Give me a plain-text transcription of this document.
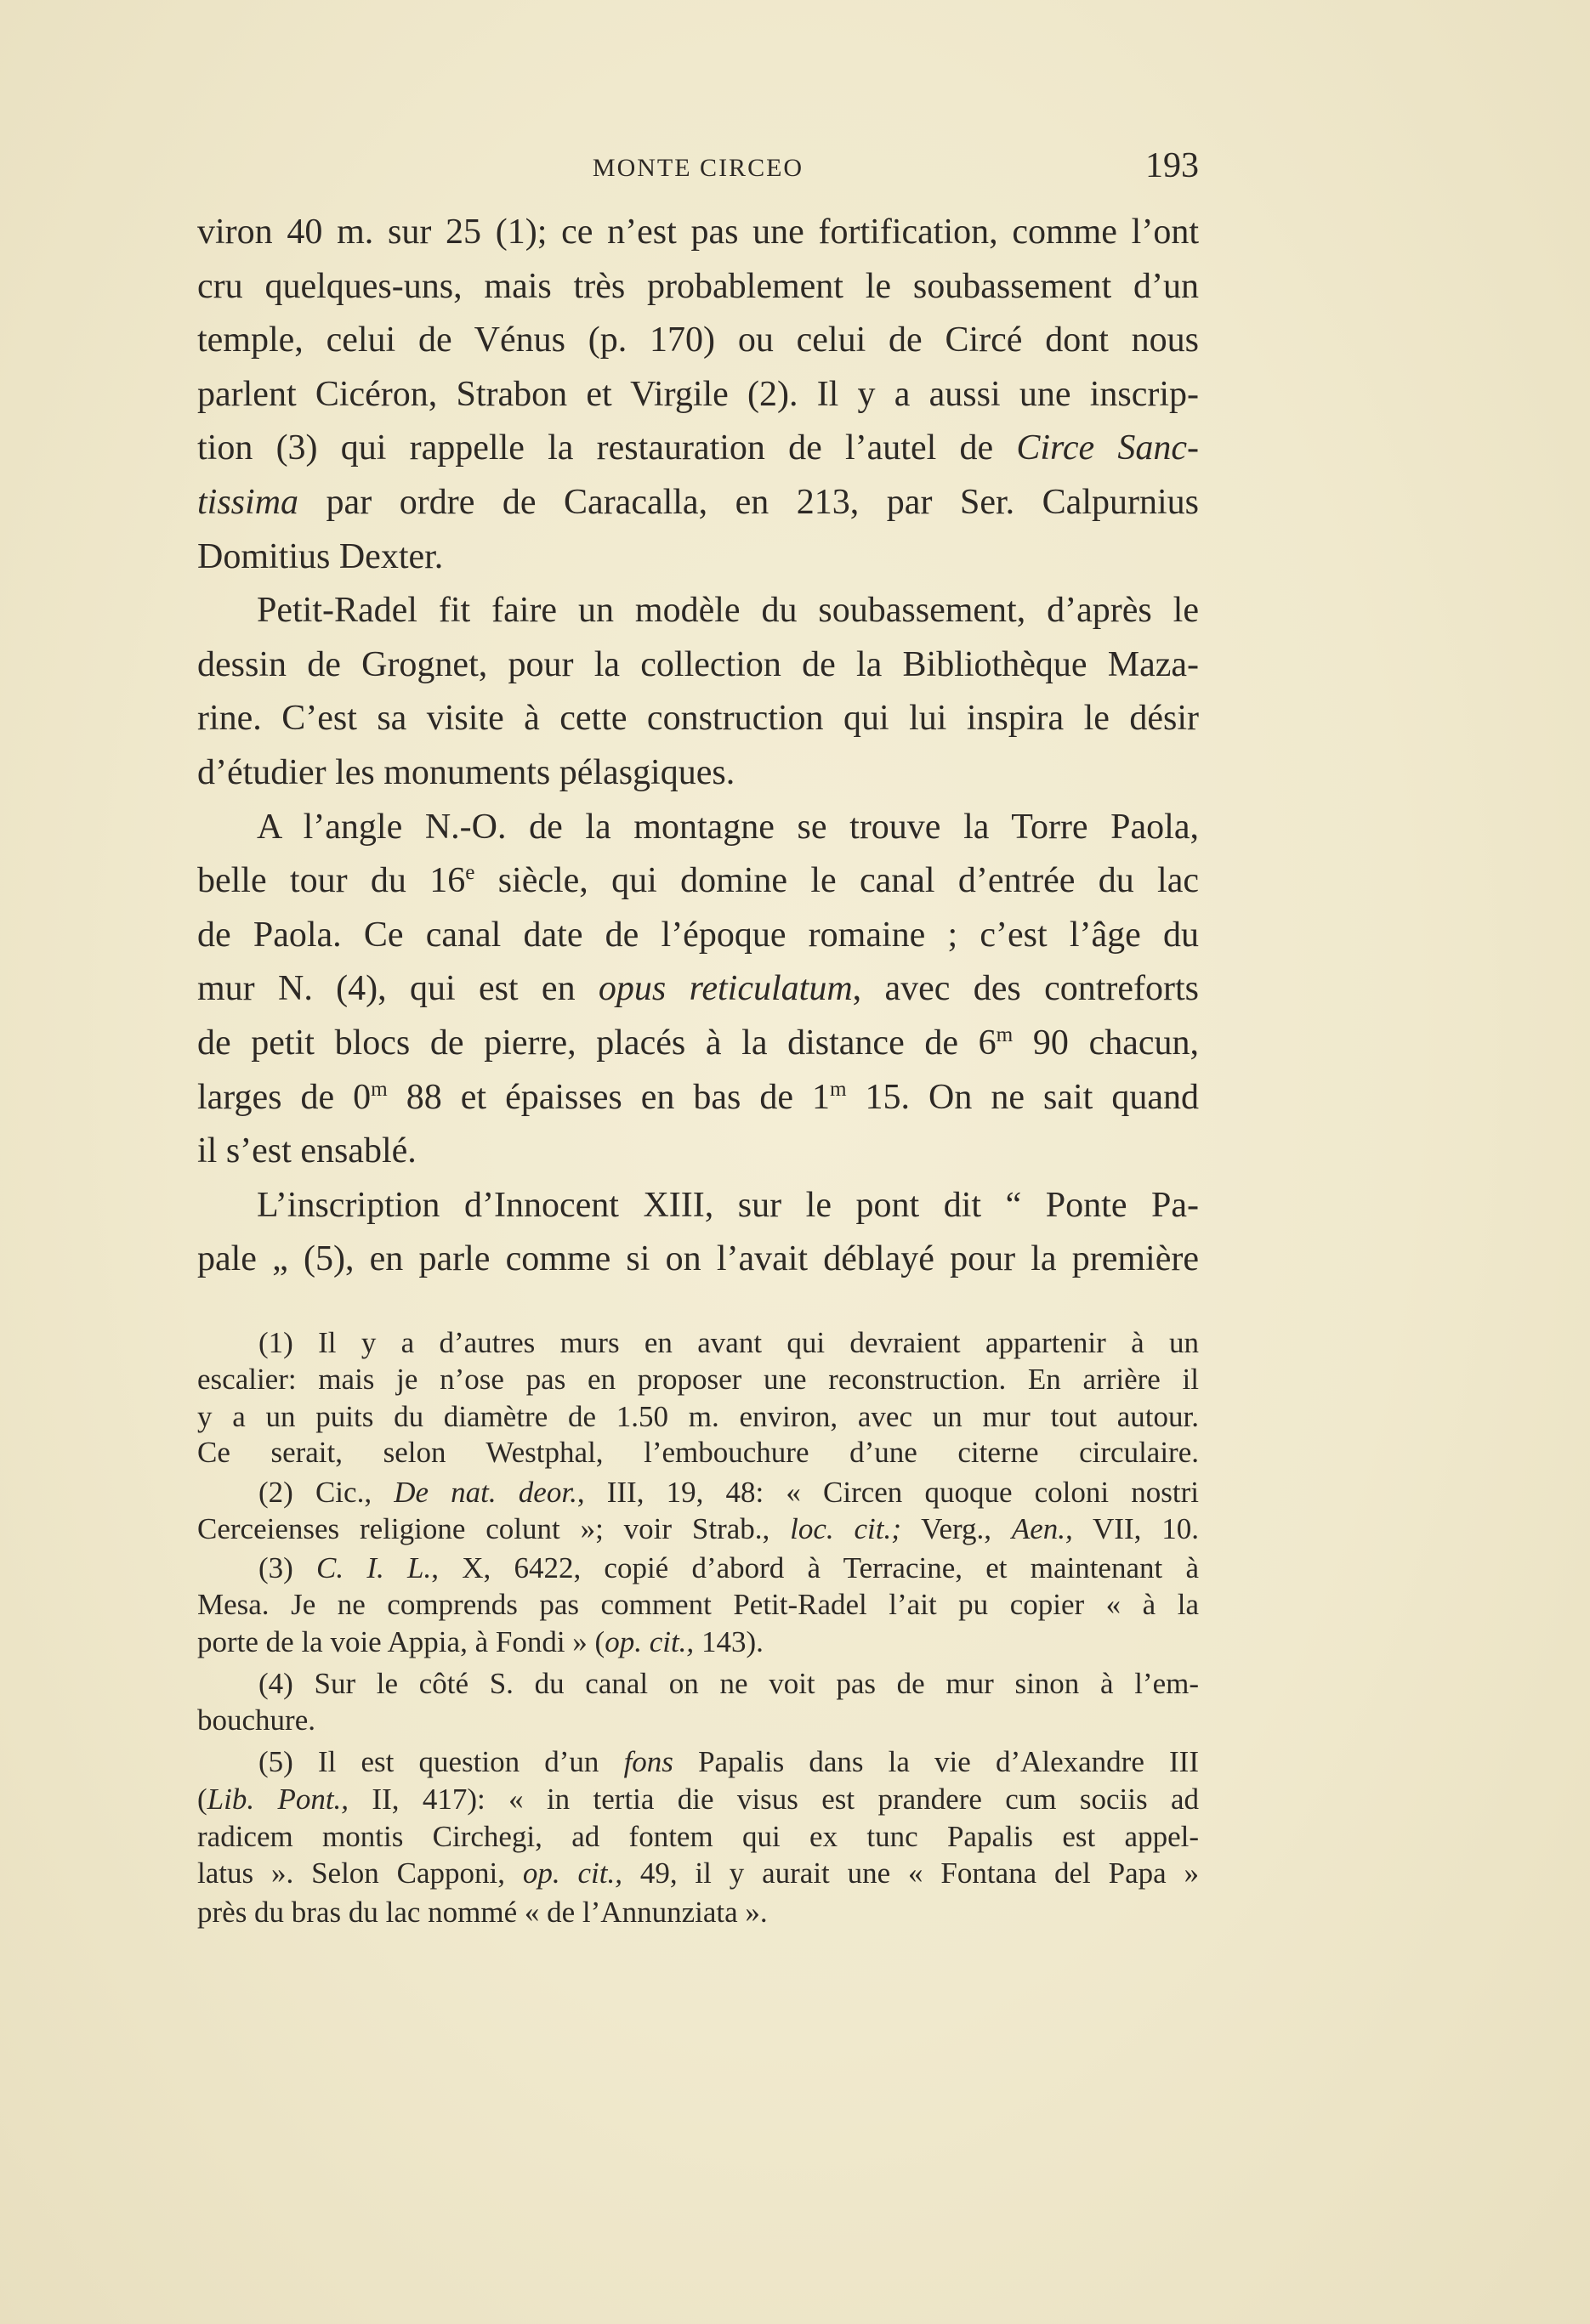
MONTE CIRCEO	193
viron 40 m. sur 25 (1); ce n’est pas une fortification, comme l’ont
cru quelques-uns, mais très probablement le soubassement d’un
temple, celui de Vénus (p. 170) ou celui de Circé dont nous
parlent Cicéron, Strabon et Virgile (2). Il y a aussi une inscrip-
tion (3) qui rappelle la restauration de l’autel de Circe Sanc-
tissima par ordre de Caracalla, en 213, par Ser. Calpurnius
Domitius Dexter.
Petit-Radel fit faire un modèle du soubassement, d’après le
dessin de Grognet, pour la collection de la Bibliothèque Maza-
rine. C’est sa visite à cette construction qui lui inspira le désir
d’étudier les monuments pélasgiques.
A l’angle N.-O. de la montagne se trouve la Torre Paola,
belle tour du 16e siècle, qui domine le canal d’entrée du lac
de Paola. Ce canal date de l’époque romaine ; c’est l’âge du
mur N. (4), qui est en opus reticulatum, avec des contreforts
de petit blocs de pierre, placés à la distance de 6$^m$ 90 chacun,
larges de 0$^m$ 88 et épaisses en bas de 1$^m$ 15. On ne sait quand
il s’est ensablé.
L’inscription d’Innocent XIII, sur le pont dit “ Ponte Pa-
pale „ (5), en parle comme si on l’avait déblayé pour la première
(1) Il y a d’autres murs en avant qui devraient appartenir à un
escalier: mais je n’ose pas en proposer une reconstruction. En arrière il
y a un puits du diamètre de 1.50 m. environ, avec un mur tout autour.
Ce serait, selon Westphal, l’embouchure d’une citerne circulaire.
(2) Cic., De nat. deor., III, 19, 48: « Circen quoque coloni nostri
Cerceienses religione colunt »; voir Strab., loc. cit.; Verg., Aen., VII, 10.
(3) C. I. L., X, 6422, copié d’abord à Terracine, et maintenant à
Mesa. Je ne comprends pas comment Petit-Radel l’ait pu copier « à la
porte de la voie Appia, à Fondi » (op. cit., 143).
(4) Sur le côté S. du canal on ne voit pas de mur sinon à l’em-
bouchure.
(5) Il est question d’un fons Papalis dans la vie d’Alexandre III
(Lib. Pont., II, 417): « in tertia die visus est prandere cum sociis ad
radicem montis Circhegi, ad fontem qui ex tunc Papalis est appel-
latus ». Selon Capponi, op. cit., 49, il y aurait une « Fontana del Papa »
près du bras du lac nommé « de l’Annunziata ».
